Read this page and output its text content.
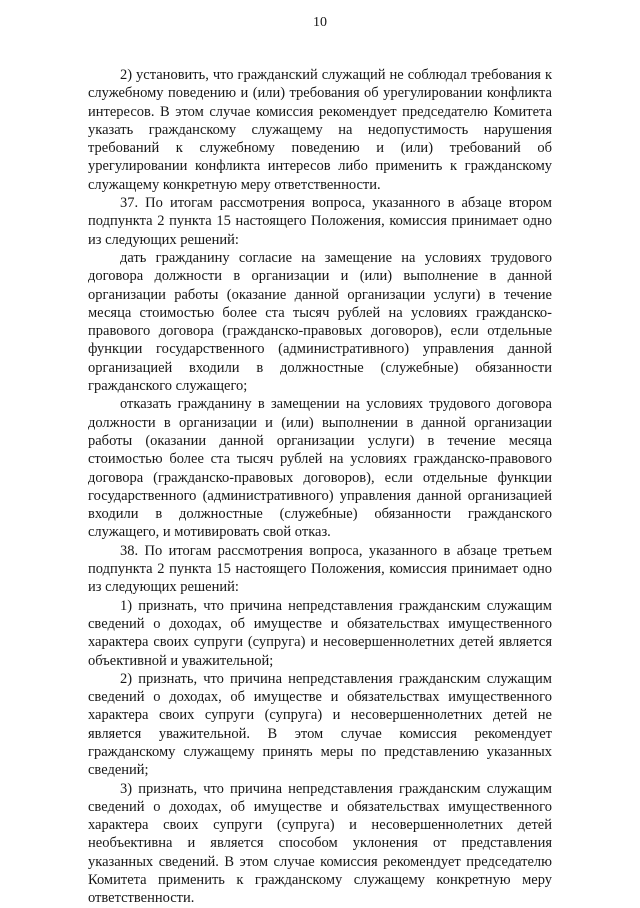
10

2) установить, что гражданский служащий не соблюдал требования к служебному поведению и (или) требования об урегулировании конфликта интересов. В этом случае комиссия рекомендует председателю Комитета указать гражданскому служащему на недопустимость нарушения требований к служебному поведению и (или) требований об урегулировании конфликта интересов либо применить к гражданскому служащему конкретную меру ответственности.

37. По итогам рассмотрения вопроса, указанного в абзаце втором подпункта 2 пункта 15 настоящего Положения, комиссия принимает одно из следующих решений:

дать гражданину согласие на замещение на условиях трудового договора должности в организации и (или) выполнение в данной организации работы (оказание данной организации услуги) в течение месяца стоимостью более ста тысяч рублей на условиях гражданско-правового договора (гражданско-правовых договоров), если отдельные функции государственного (административного) управления данной организацией входили в должностные (служебные) обязанности гражданского служащего;

отказать гражданину в замещении на условиях трудового договора должности в организации и (или) выполнении в данной организации работы (оказании данной организации услуги) в течение месяца стоимостью более ста тысяч рублей на условиях гражданско-правового договора (гражданско-правовых договоров), если отдельные функции государственного (административного) управления данной организацией входили в должностные (служебные) обязанности гражданского служащего, и мотивировать свой отказ.

38. По итогам рассмотрения вопроса, указанного в абзаце третьем подпункта 2 пункта 15 настоящего Положения, комиссия принимает одно из следующих решений:

1) признать, что причина непредставления гражданским служащим сведений о доходах, об имуществе и обязательствах имущественного характера своих супруги (супруга) и несовершеннолетних детей является объективной и уважительной;

2) признать, что причина непредставления гражданским служащим сведений о доходах, об имуществе и обязательствах имущественного характера своих супруги (супруга) и несовершеннолетних детей не является уважительной. В этом случае комиссия рекомендует гражданскому служащему принять меры по представлению указанных сведений;

3) признать, что причина непредставления гражданским служащим сведений о доходах, об имуществе и обязательствах имущественного характера своих супруги (супруга) и несовершеннолетних детей необъективна и является способом уклонения от представления указанных сведений. В этом случае комиссия рекомендует председателю Комитета применить к гражданскому служащему конкретную меру ответственности.
